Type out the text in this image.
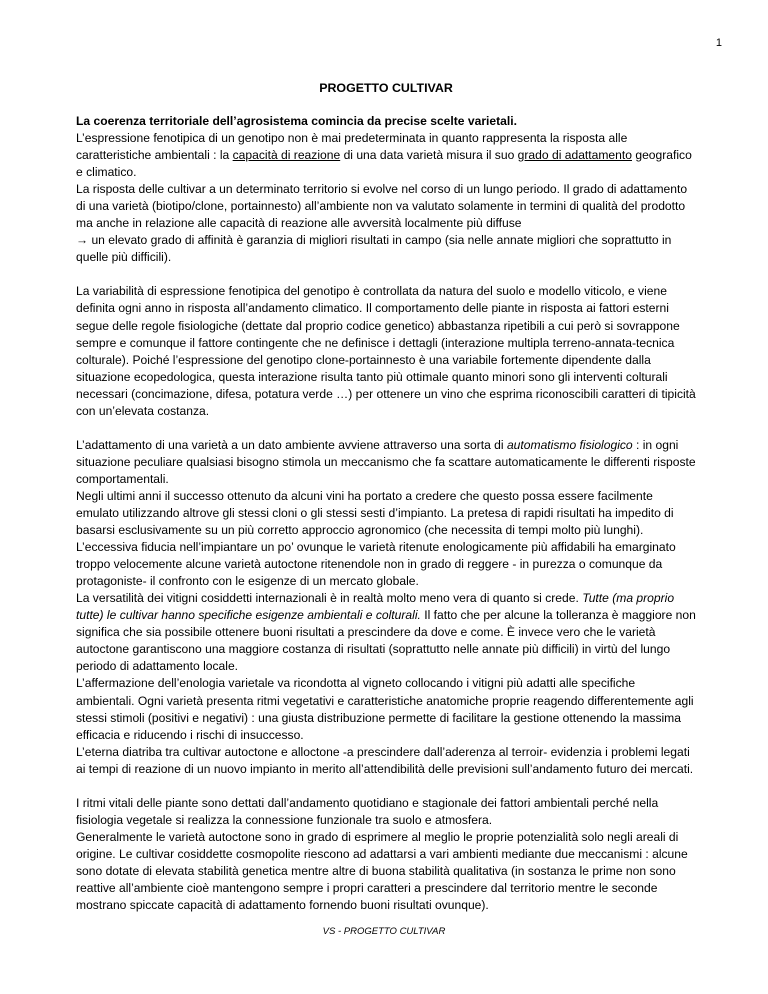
1
PROGETTO CULTIVAR

La coerenza territoriale dell’agrosistema comincia da precise scelte varietali.

L’espressione fenotipica di un genotipo non è mai predeterminata in quanto rappresenta la risposta alle caratteristiche ambientali : la capacità di reazione di una data varietà misura il suo grado di adattamento geografico e climatico.

La risposta delle cultivar a un determinato territorio si evolve nel corso di un lungo periodo. Il grado di adattamento di una varietà (biotipo/clone, portainnesto) all’ambiente non va valutato solamente in termini di qualità del prodotto ma anche in relazione alle capacità di reazione alle avversità localmente più diffuse

→ un elevato grado di affinità è garanzia di migliori risultati in campo (sia nelle annate migliori che soprattutto in quelle più difficili).

La variabilità di espressione fenotipica del genotipo è controllata da natura del suolo e modello viticolo, e viene definita ogni anno in risposta all’andamento climatico. Il comportamento delle piante in risposta ai fattori esterni segue delle regole fisiologiche (dettate dal proprio codice genetico) abbastanza ripetibili a cui però si sovrappone sempre e comunque il fattore contingente che ne definisce i dettagli (interazione multipla terreno-annata-tecnica colturale). Poiché l’espressione del genotipo clone-portainnesto è una variabile fortemente dipendente dalla situazione ecopedologica, questa interazione risulta tanto più ottimale quanto minori sono gli interventi colturali necessari (concimazione, difesa, potatura verde …) per ottenere un vino che esprima riconoscibili caratteri di tipicità con un’elevata costanza.

L’adattamento di una varietà a un dato ambiente avviene attraverso una sorta di automatismo fisiologico : in ogni situazione peculiare qualsiasi bisogno stimola un meccanismo che fa scattare automaticamente le differenti risposte comportamentali.

Negli ultimi anni il successo ottenuto da alcuni vini ha portato a credere che questo possa essere facilmente emulato utilizzando altrove gli stessi cloni o gli stessi sesti d’impianto. La pretesa di rapidi risultati ha impedito di basarsi esclusivamente su un più corretto approccio agronomico (che necessita di tempi molto più lunghi). L’eccessiva fiducia nell’impiantare un po’ ovunque le varietà ritenute enologicamente più affidabili ha emarginato troppo velocemente alcune varietà autoctone ritenendole non in grado di reggere - in purezza o comunque da protagoniste- il confronto con le esigenze di un mercato globale.

La versatilità dei vitigni cosiddetti internazionali è in realtà molto meno vera di quanto si crede. Tutte (ma proprio tutte) le cultivar hanno specifiche esigenze ambientali e colturali. Il fatto che per alcune la tolleranza è maggiore non significa che sia possibile ottenere buoni risultati a prescindere da dove e come. È invece vero che le varietà autoctone garantiscono una maggiore costanza di risultati (soprattutto nelle annate più difficili) in virtù del lungo periodo di adattamento locale.

L’affermazione dell’enologia varietale va ricondotta al vigneto collocando i vitigni più adatti alle specifiche ambientali. Ogni varietà presenta ritmi vegetativi e caratteristiche anatomiche proprie reagendo differentemente agli stessi stimoli (positivi e negativi) : una giusta distribuzione permette di facilitare la gestione ottenendo la massima efficacia e riducendo i rischi di insuccesso.

L’eterna diatriba tra cultivar autoctone e alloctone -a prescindere dall’aderenza al terroir- evidenzia i problemi legati ai tempi di reazione di un nuovo impianto in merito all’attendibilità delle previsioni sull’andamento futuro dei mercati.

I ritmi vitali delle piante sono dettati dall’andamento quotidiano e stagionale dei fattori ambientali perché nella fisiologia vegetale si realizza la connessione funzionale tra suolo e atmosfera.

Generalmente le varietà autoctone sono in grado di esprimere al meglio le proprie potenzialità solo negli areali di origine. Le cultivar cosiddette cosmopolite riescono ad adattarsi a vari ambienti mediante due meccanismi : alcune sono dotate di elevata stabilità genetica mentre altre di buona stabilità qualitativa (in sostanza le prime non sono reattive all’ambiente cioè mantengono sempre i propri caratteri a prescindere dal territorio mentre le seconde mostrano spiccate capacità di adattamento fornendo buoni risultati ovunque).

VS - PROGETTO CULTIVAR
